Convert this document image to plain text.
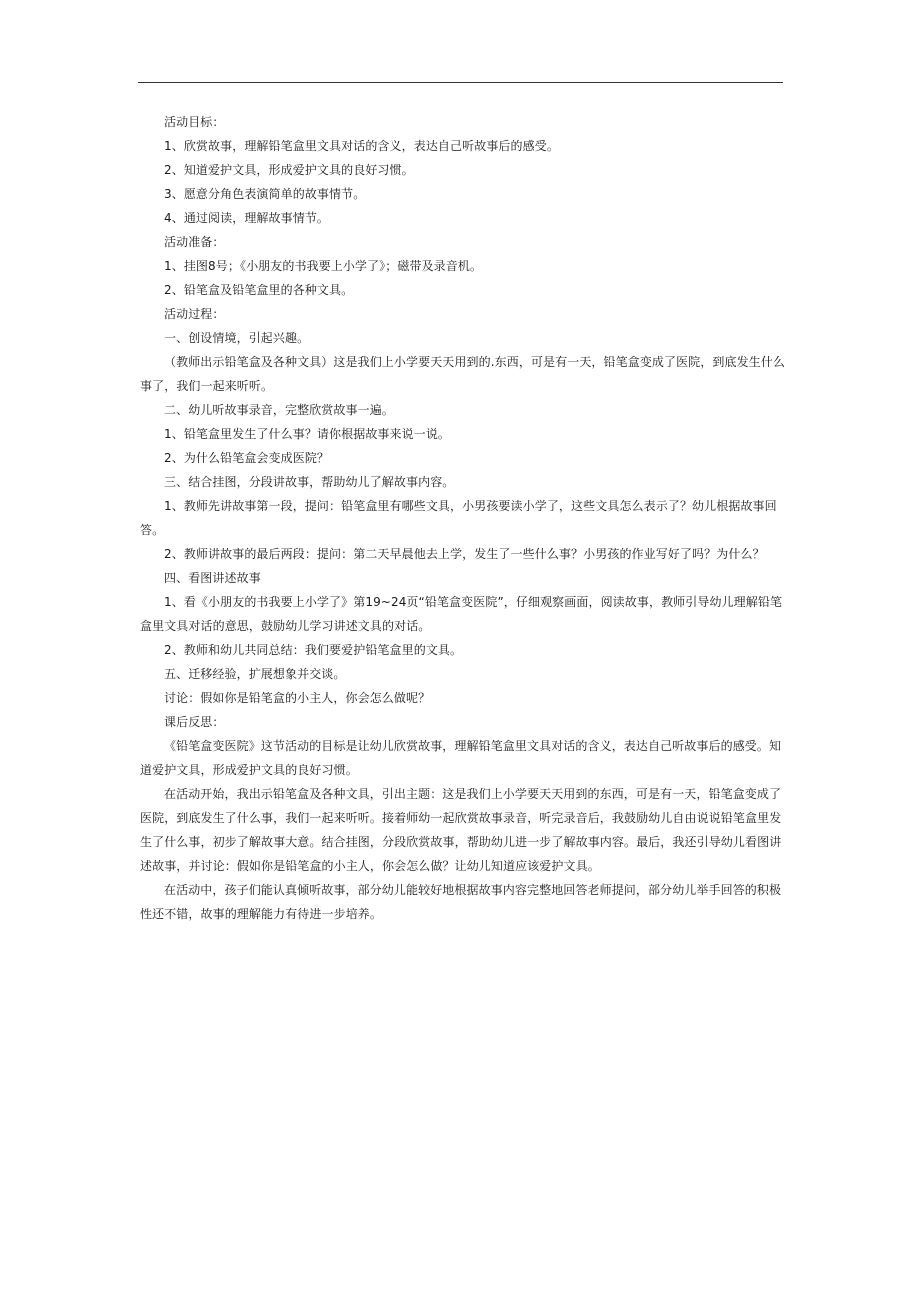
活动目标：

1、欣赏故事，理解铅笔盒里文具对话的含义，表达自己听故事后的感受。

2、知道爱护文具，形成爱护文具的良好习惯。

3、愿意分角色表演简单的故事情节。

4、通过阅读，理解故事情节。

活动准备：

1、挂图8号；《小朋友的书我要上小学了》；磁带及录音机。

2、铅笔盒及铅笔盒里的各种文具。

活动过程：

一、创设情境，引起兴趣。

（教师出示铅笔盒及各种文具）这是我们上小学要天天用到的.东西，可是有一天，铅笔盒变成了医院，到底发生什么事了，我们一起来听听。

二、幼儿听故事录音，完整欣赏故事一遍。

1、铅笔盒里发生了什么事？请你根据故事来说一说。

2、为什么铅笔盒会变成医院？

三、结合挂图，分段讲故事，帮助幼儿了解故事内容。

1、教师先讲故事第一段，提问：铅笔盒里有哪些文具，小男孩要读小学了，这些文具怎么表示了？幼儿根据故事回答。

2、教师讲故事的最后两段：提问：第二天早晨他去上学，发生了一些什么事？小男孩的作业写好了吗？为什么？

四、看图讲述故事

1、看《小朋友的书我要上小学了》第19~24页“铅笔盒变医院”，仔细观察画面，阅读故事，教师引导幼儿理解铅笔盒里文具对话的意思，鼓励幼儿学习讲述文具的对话。

2、教师和幼儿共同总结：我们要爱护铅笔盒里的文具。

五、迁移经验，扩展想象并交谈。

讨论：假如你是铅笔盒的小主人，你会怎么做呢？

课后反思：

《铅笔盒变医院》这节活动的目标是让幼儿欣赏故事，理解铅笔盒里文具对话的含义，表达自己听故事后的感受。知道爱护文具，形成爱护文具的良好习惯。

在活动开始，我出示铅笔盒及各种文具，引出主题：这是我们上小学要天天用到的东西，可是有一天，铅笔盒变成了医院，到底发生了什么事，我们一起来听听。接着师幼一起欣赏故事录音，听完录音后，我鼓励幼儿自由说说铅笔盒里发生了什么事，初步了解故事大意。结合挂图，分段欣赏故事，帮助幼儿进一步了解故事内容。最后，我还引导幼儿看图讲述故事，并讨论：假如你是铅笔盒的小主人，你会怎么做？让幼儿知道应该爱护文具。

在活动中，孩子们能认真倾听故事，部分幼儿能较好地根据故事内容完整地回答老师提问，部分幼儿举手回答的积极性还不错，故事的理解能力有待进一步培养。
